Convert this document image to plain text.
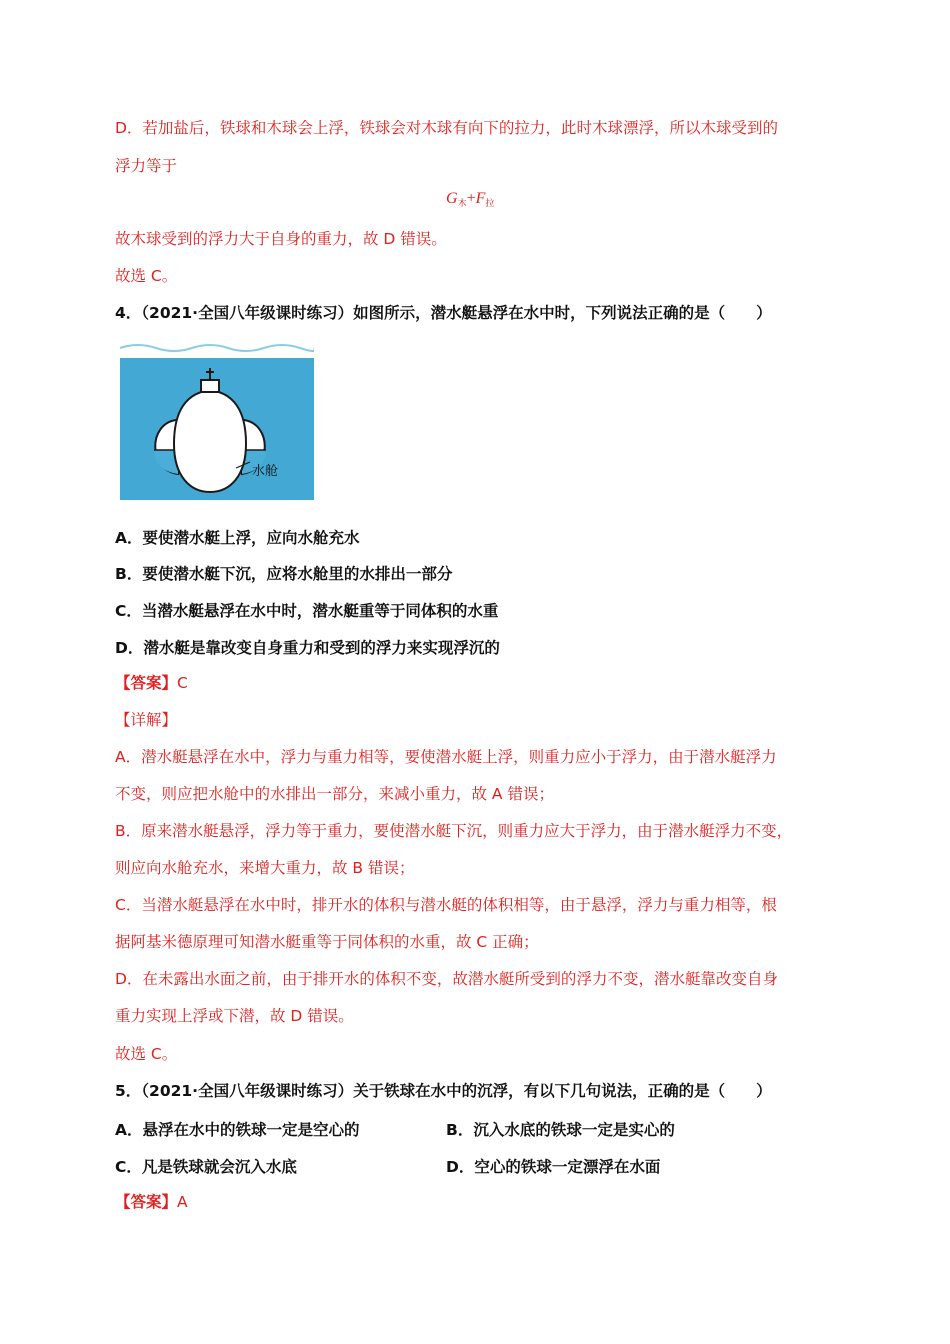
D．若加盐后，铁球和木球会上浮，铁球会对木球有向下的拉力，此时木球漂浮，所以木球受到的
浮力等于
$G_木+F_拉$
故木球受到的浮力大于自身的重力，故 D 错误。
故选 C。
4．（2021·全国八年级课时练习）如图所示，潜水艇悬浮在水中时，下列说法正确的是（　　）
水舱
A．要使潜水艇上浮，应向水舱充水
B．要使潜水艇下沉，应将水舱里的水排出一部分
C．当潜水艇悬浮在水中时，潜水艇重等于同体积的水重
D．潜水艇是靠改变自身重力和受到的浮力来实现浮沉的
【答案】C
【详解】
A．潜水艇悬浮在水中，浮力与重力相等，要使潜水艇上浮，则重力应小于浮力，由于潜水艇浮力
不变，则应把水舱中的水排出一部分，来减小重力，故 A 错误；
B．原来潜水艇悬浮，浮力等于重力，要使潜水艇下沉，则重力应大于浮力，由于潜水艇浮力不变，
则应向水舱充水，来增大重力，故 B 错误；
C．当潜水艇悬浮在水中时，排开水的体积与潜水艇的体积相等，由于悬浮，浮力与重力相等，根
据阿基米德原理可知潜水艇重等于同体积的水重，故 C 正确；
D．在未露出水面之前，由于排开水的体积不变，故潜水艇所受到的浮力不变，潜水艇靠改变自身
重力实现上浮或下潜，故 D 错误。
故选 C。
5．（2021·全国八年级课时练习）关于铁球在水中的沉浮，有以下几句说法，正确的是（　　）
A．悬浮在水中的铁球一定是空心的	B．沉入水底的铁球一定是实心的
C．凡是铁球就会沉入水底	D．空心的铁球一定漂浮在水面
【答案】A
